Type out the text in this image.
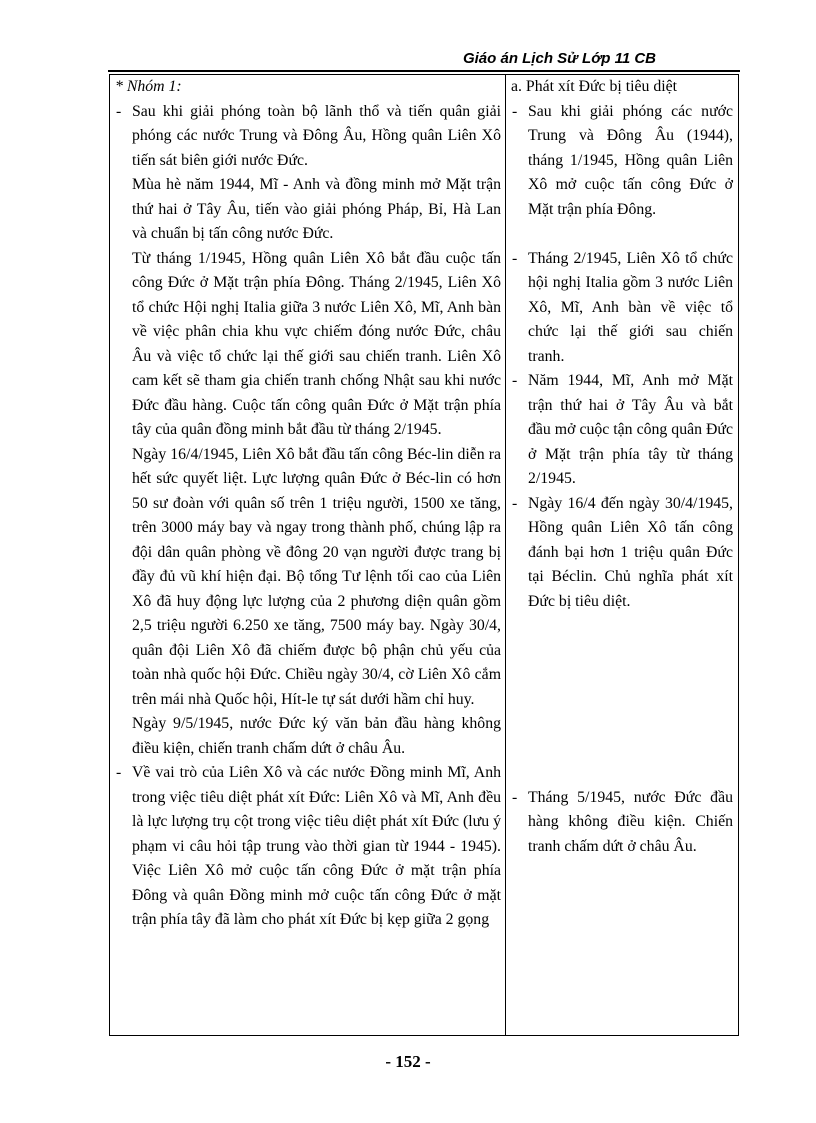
Giáo án Lịch Sử Lớp 11 CB

* Nhóm 1:

- Sau khi giải phóng toàn bộ lãnh thổ và tiến quân giải phóng các nước Trung và Đông Âu, Hồng quân Liên Xô tiến sát biên giới nước Đức.

Mùa hè năm 1944, Mĩ - Anh và đồng minh mở Mặt trận thứ hai ở Tây Âu, tiến vào giải phóng Pháp, Bỉ, Hà Lan và chuẩn bị tấn công nước Đức.

Từ tháng 1/1945, Hồng quân Liên Xô bắt đầu cuộc tấn công Đức ở Mặt trận phía Đông. Tháng 2/1945, Liên Xô tổ chức Hội nghị Italia giữa 3 nước Liên Xô, Mĩ, Anh bàn về việc phân chia khu vực chiếm đóng nước Đức, châu Âu và việc tổ chức lại thế giới sau chiến tranh. Liên Xô cam kết sẽ tham gia chiến tranh chống Nhật sau khi nước Đức đầu hàng. Cuộc tấn công quân Đức ở Mặt trận phía tây của quân đồng minh bắt đầu từ tháng 2/1945.

Ngày 16/4/1945, Liên Xô bắt đầu tấn công Béc-lin diễn ra hết sức quyết liệt. Lực lượng quân Đức ở Béc-lin có hơn 50 sư đoàn với quân số trên 1 triệu người, 1500 xe tăng, trên 3000 máy bay và ngay trong thành phố, chúng lập ra đội dân quân phòng về đông 20 vạn người được trang bị đầy đủ vũ khí hiện đại. Bộ tổng Tư lệnh tối cao của Liên Xô đã huy động lực lượng của 2 phương diện quân gồm 2,5 triệu người 6.250 xe tăng, 7500 máy bay. Ngày 30/4, quân đội Liên Xô đã chiếm được bộ phận chủ yếu của toàn nhà quốc hội Đức. Chiều ngày 30/4, cờ Liên Xô cắm trên mái nhà Quốc hội, Hít-le tự sát dưới hầm chỉ huy.

Ngày 9/5/1945, nước Đức ký văn bản đầu hàng không điều kiện, chiến tranh chấm dứt ở châu Âu.

- Về vai trò của Liên Xô và các nước Đồng minh Mĩ, Anh trong việc tiêu diệt phát xít Đức: Liên Xô và Mĩ, Anh đều là lực lượng trụ cột trong việc tiêu diệt phát xít Đức (lưu ý phạm vi câu hỏi tập trung vào thời gian từ 1944 - 1945). Việc Liên Xô mở cuộc tấn công Đức ở mặt trận phía Đông và quân Đồng minh mở cuộc tấn công Đức ở mặt trận phía tây đã làm cho phát xít Đức bị kẹp giữa 2 gọng

a. Phát xít Đức bị tiêu diệt

- Sau khi giải phóng các nước Trung và Đông Âu (1944), tháng 1/1945, Hồng quân Liên Xô mở cuộc tấn công Đức ở Mặt trận phía Đông.

- Tháng 2/1945, Liên Xô tổ chức hội nghị Italia gồm 3 nước Liên Xô, Mĩ, Anh bàn về việc tổ chức lại thế giới sau chiến tranh.

- Năm 1944, Mĩ, Anh mở Mặt trận thứ hai ở Tây Âu và bắt đầu mở cuộc tận công quân Đức ở Mặt trận phía tây từ tháng 2/1945.

- Ngày 16/4 đến ngày 30/4/1945, Hồng quân Liên Xô tấn công đánh bại hơn 1 triệu quân Đức tại Béclin. Chủ nghĩa phát xít Đức bị tiêu diệt.

- Tháng 5/1945, nước Đức đầu hàng không điều kiện. Chiến tranh chấm dứt ở châu Âu.

- 152 -
